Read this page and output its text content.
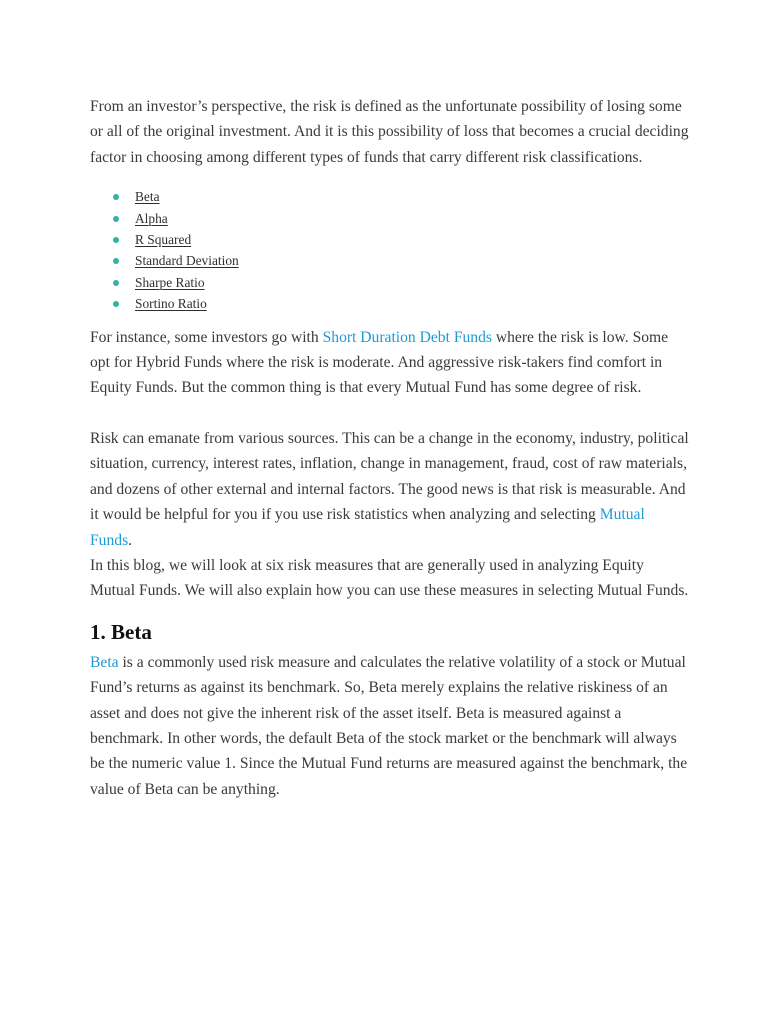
From an investor’s perspective, the risk is defined as the unfortunate possibility of losing some or all of the original investment. And it is this possibility of loss that becomes a crucial deciding factor in choosing among different types of funds that carry different risk classifications.

Beta
Alpha
R Squared
Standard Deviation
Sharpe Ratio
Sortino Ratio

For instance, some investors go with Short Duration Debt Funds where the risk is low. Some opt for Hybrid Funds where the risk is moderate. And aggressive risk-takers find comfort in Equity Funds. But the common thing is that every Mutual Fund has some degree of risk.

Risk can emanate from various sources. This can be a change in the economy, industry, political situation, currency, interest rates, inflation, change in management, fraud, cost of raw materials, and dozens of other external and internal factors. The good news is that risk is measurable. And it would be helpful for you if you use risk statistics when analyzing and selecting Mutual Funds.

In this blog, we will look at six risk measures that are generally used in analyzing Equity Mutual Funds. We will also explain how you can use these measures in selecting Mutual Funds.

1. Beta

Beta is a commonly used risk measure and calculates the relative volatility of a stock or Mutual Fund’s returns as against its benchmark. So, Beta merely explains the relative riskiness of an asset and does not give the inherent risk of the asset itself. Beta is measured against a benchmark. In other words, the default Beta of the stock market or the benchmark will always be the numeric value 1. Since the Mutual Fund returns are measured against the benchmark, the value of Beta can be anything.
